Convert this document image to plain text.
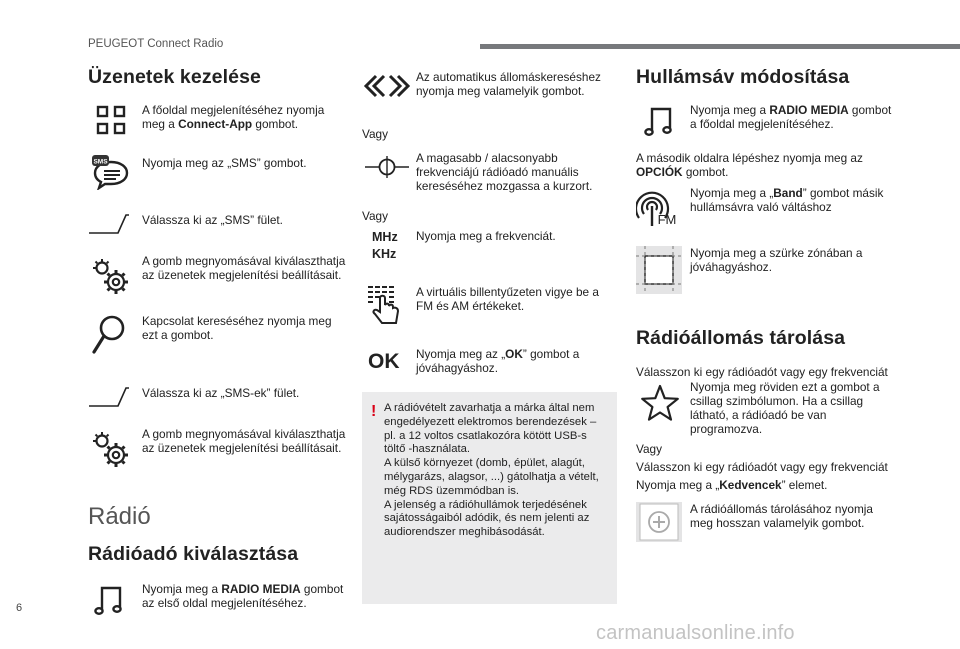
PEUGEOT Connect Radio
Üzenetek kezelése
A főoldal megjelenítéséhez nyomja meg a Connect-App gombot.
SMS	Nyomja meg az „SMS” gombot.
Válassza ki az „SMS” fület.
A gomb megnyomásával kiválaszthatja az üzenetek megjelenítési beállításait.
Kapcsolat kereséséhez nyomja meg ezt a gombot.
Válassza ki az „SMS-ek” fület.
A gomb megnyomásával kiválaszthatja az üzenetek megjelenítési beállításait.
Rádió
Rádióadó kiválasztása
Nyomja meg a RADIO MEDIA gombot az első oldal megjelenítéséhez.
Az automatikus állomáskereséshez nyomja meg valamelyik gombot.
Vagy
A magasabb / alacsonyabb frekvenciájú rádióadó manuális kereséséhez mozgassa a kurzort.
Vagy
MHz
KHz
Nyomja meg a frekvenciát.
A virtuális billentyűzeten vigye be a FM és AM értékeket.
OK	Nyomja meg az „OK” gombot a jóváhagyáshoz.
! A rádióvételt zavarhatja a márka által nem engedélyezett elektromos berendezések – pl. a 12 voltos csatlakozóra kötött USB-s töltő -használata.
A külső környezet (domb, épület, alagút, mélygarázs, alagsor, ...) gátolhatja a vételt, még RDS üzemmódban is.
A jelenség a rádióhullámok terjedésének sajátosságaiból adódik, és nem jelenti az audiorendszer meghibásodását.
Hullámsáv módosítása
Nyomja meg a RADIO MEDIA gombot a főoldal megjelenítéséhez.
A második oldalra lépéshez nyomja meg az OPCIÓK gombot.
FM
Nyomja meg a „Band” gombot másik hullámsávra való váltáshoz
Nyomja meg a szürke zónában a jóváhagyáshoz.
Rádióállomás tárolása
Válasszon ki egy rádióadót vagy egy frekvenciát
Nyomja meg röviden ezt a gombot a csillag szimbólumon. Ha a csillag látható, a rádióadó be van programozva.
Vagy
Válasszon ki egy rádióadót vagy egy frekvenciát
Nyomja meg a „Kedvencek” elemet.
A rádióállomás tárolásához nyomja meg hosszan valamelyik gombot.
6
carmanualsonline.info
